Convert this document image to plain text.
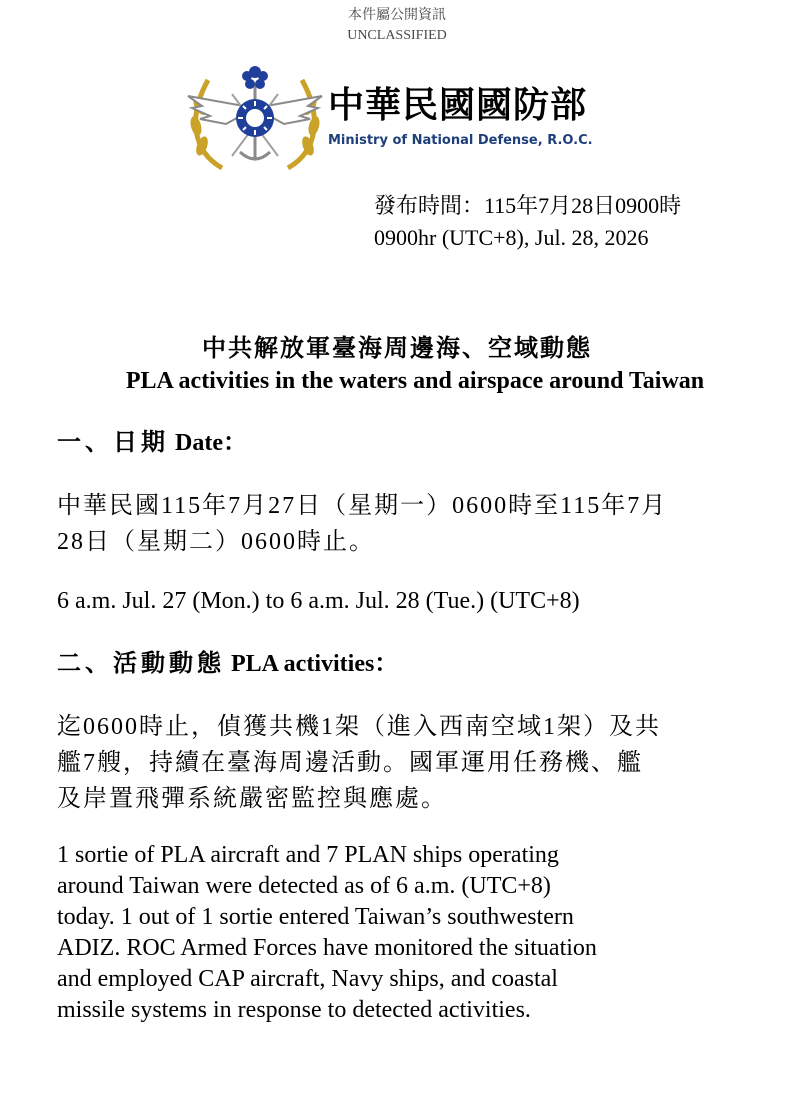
本件屬公開資訊
UNCLASSIFIED
中華民國國防部
Ministry of National Defense, R.O.C.
發布時間：115年7月28日0900時
0900hr (UTC+8), Jul. 28, 2026
中共解放軍臺海周邊海、空域動態
PLA activities in the waters and airspace around Taiwan
一、日期 Date：
中華民國115年7月27日（星期一）0600時至115年7月
28日（星期二）0600時止。
6 a.m. Jul. 27 (Mon.) to 6 a.m. Jul. 28 (Tue.) (UTC+8)
二、活動動態 PLA activities：
迄0600時止，偵獲共機1架（進入西南空域1架）及共
艦7艘，持續在臺海周邊活動。國軍運用任務機、艦
及岸置飛彈系統嚴密監控與應處。
1 sortie of PLA aircraft and 7 PLAN ships operating
around Taiwan were detected as of 6 a.m. (UTC+8)
today. 1 out of 1 sortie entered Taiwan’s southwestern
ADIZ. ROC Armed Forces have monitored the situation
and employed CAP aircraft, Navy ships, and coastal
missile systems in response to detected activities.
